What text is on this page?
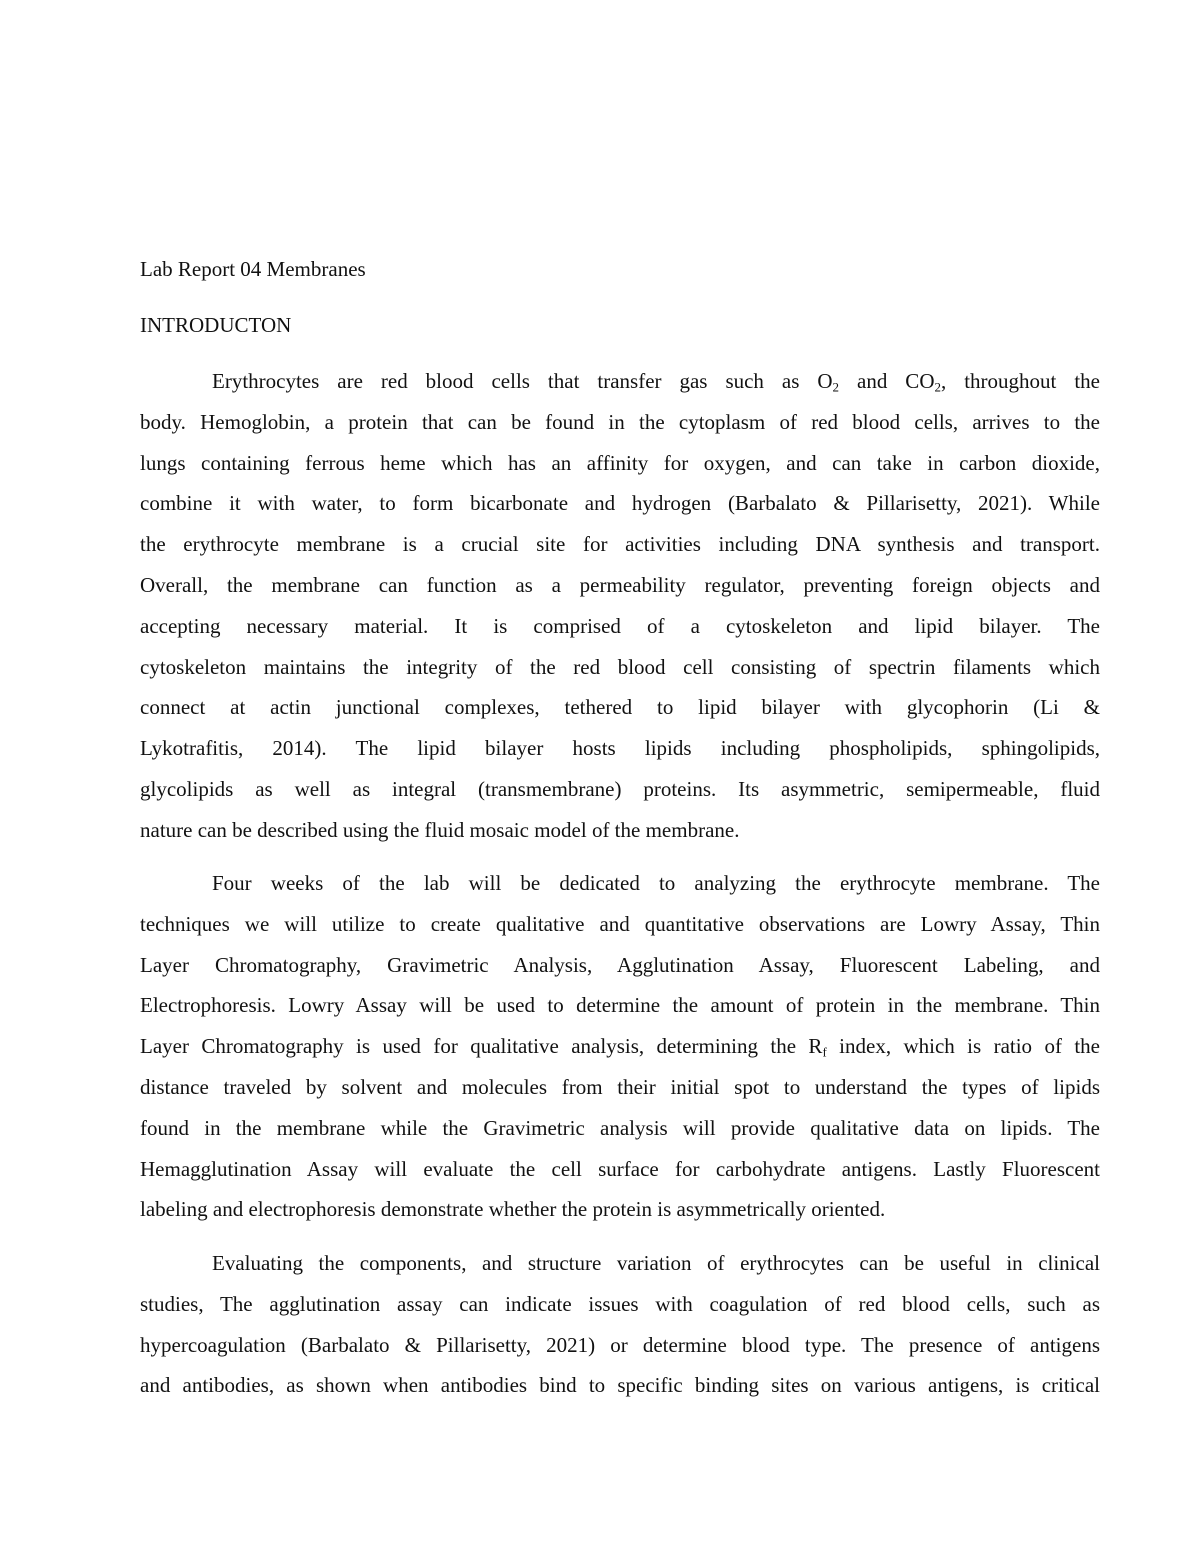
Lab Report 04 Membranes
INTRODUCTON
Erythrocytes are red blood cells that transfer gas such as $O_2$ and $CO_2$, throughout the
body. Hemoglobin, a protein that can be found in the cytoplasm of red blood cells, arrives to the
lungs containing ferrous heme which has an affinity for oxygen, and can take in carbon dioxide,
combine it with water, to form bicarbonate and hydrogen (Barbalato & Pillarisetty, 2021). While
the erythrocyte membrane is a crucial site for activities including DNA synthesis and transport.
Overall, the membrane can function as a permeability regulator, preventing foreign objects and
accepting necessary material. It is comprised of a cytoskeleton and lipid bilayer. The
cytoskeleton maintains the integrity of the red blood cell consisting of spectrin filaments which
connect at actin junctional complexes, tethered to lipid bilayer with glycophorin (Li &
Lykotrafitis, 2014). The lipid bilayer hosts lipids including phospholipids, sphingolipids,
glycolipids as well as integral (transmembrane) proteins. Its asymmetric, semipermeable, fluid
nature can be described using the fluid mosaic model of the membrane.
Four weeks of the lab will be dedicated to analyzing the erythrocyte membrane. The
techniques we will utilize to create qualitative and quantitative observations are Lowry Assay, Thin
Layer Chromatography, Gravimetric Analysis, Agglutination Assay, Fluorescent Labeling, and
Electrophoresis. Lowry Assay will be used to determine the amount of protein in the membrane. Thin
Layer Chromatography is used for qualitative analysis, determining the $R_f$ index, which is ratio of the
distance traveled by solvent and molecules from their initial spot to understand the types of lipids
found in the membrane while the Gravimetric analysis will provide qualitative data on lipids. The
Hemagglutination Assay will evaluate the cell surface for carbohydrate antigens. Lastly Fluorescent
labeling and electrophoresis demonstrate whether the protein is asymmetrically oriented.
Evaluating the components, and structure variation of erythrocytes can be useful in clinical
studies, The agglutination assay can indicate issues with coagulation of red blood cells, such as
hypercoagulation (Barbalato & Pillarisetty, 2021) or determine blood type. The presence of antigens
and antibodies, as shown when antibodies bind to specific binding sites on various antigens, is critical
